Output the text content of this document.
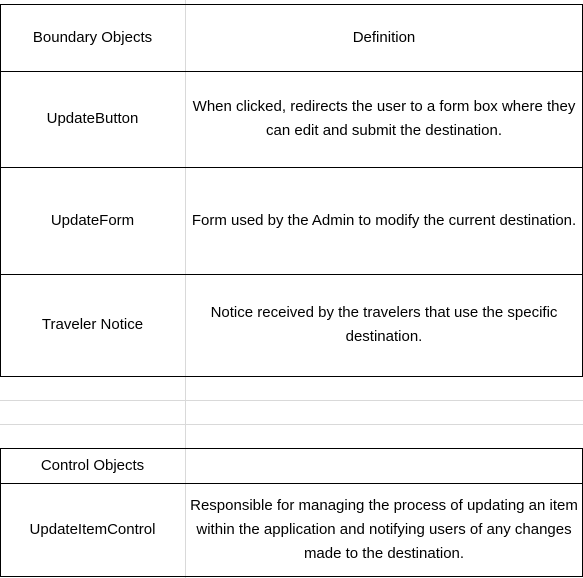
Boundary Objects	Definition
UpdateButton
When clicked, redirects the user to a form box where they can edit and submit the destination.
UpdateForm	Form used by the Admin to modify the current destination.
Traveler Notice
Notice received by the travelers that use the specific destination.
Control Objects
UpdateItemControl
Responsible for managing the process of updating an item within the application and notifying users of any changes made to the destination.
